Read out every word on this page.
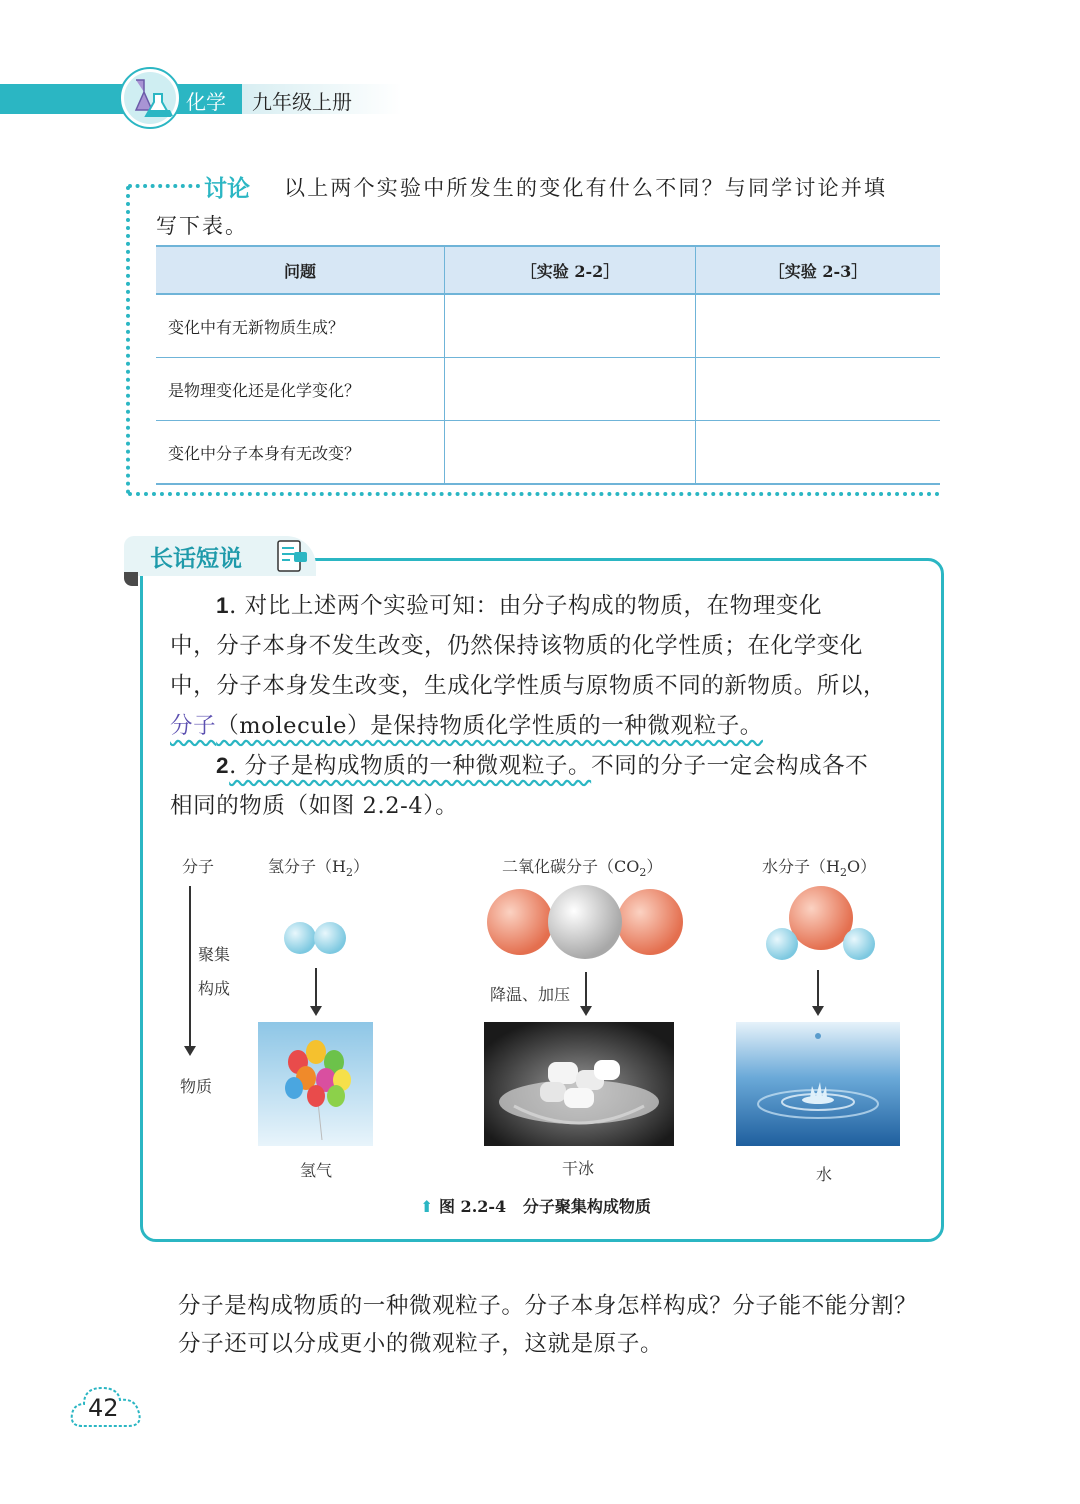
化学 九年级上册
讨论 以上两个实验中所发生的变化有什么不同？与同学讨论并填
写下表。
问题	［实验 2-2］	［实验 2-3］
变化中有无新物质生成？		
是物理变化还是化学变化？		
变化中分子本身有无改变？		
长话短说
1. 对比上述两个实验可知：由分子构成的物质，在物理变化
中，分子本身不发生改变，仍然保持该物质的化学性质；在化学变化
中，分子本身发生改变，生成化学性质与原物质不同的新物质。所以，
分子（molecule）是保持物质化学性质的一种微观粒子。
2. 分子是构成物质的一种微观粒子。不同的分子一定会构成各不
相同的物质（如图 2.2-4）。
分子
聚集
构成
物质
氢分子$(H_2)$	二氧化碳分子$(CO_2)$	水分子$(H_2O)$
降温、加压
氢气	干冰	水
⬆ 图 2.2-4 分子聚集构成物质
分子是构成物质的一种微观粒子。分子本身怎样构成？分子能不能分割？
分子还可以分成更小的微观粒子，这就是原子。
42
